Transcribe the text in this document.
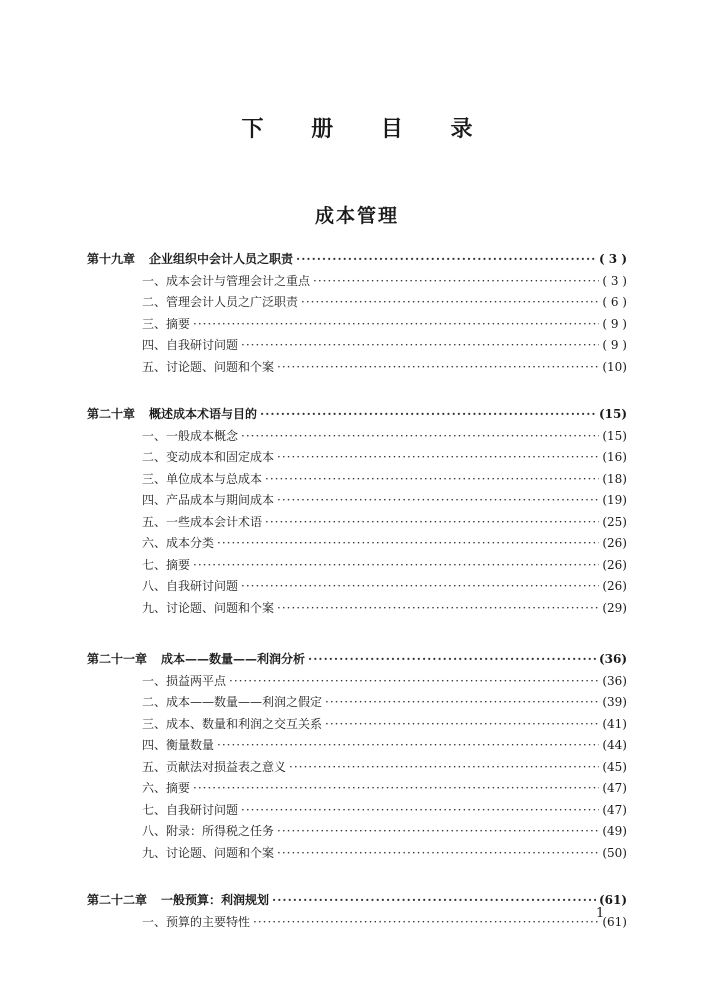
下 册 目 录
成本管理
第十九章 企业组织中会计人员之职责 ·····	( 3 )
一、成本会计与管理会计之重点 ·····	( 3 )
二、管理会计人员之广泛职责 ·····	( 6 )
三、摘要 ·····	( 9 )
四、自我研讨问题 ·····	( 9 )
五、讨论题、问题和个案 ·····	(10)
第二十章 概述成本术语与目的 ·····	(15)
一、一般成本概念 ·····	(15)
二、变动成本和固定成本 ·····	(16)
三、单位成本与总成本 ·····	(18)
四、产品成本与期间成本 ·····	(19)
五、一些成本会计术语 ·····	(25)
六、成本分类 ·····	(26)
七、摘要 ·····	(26)
八、自我研讨问题 ·····	(26)
九、讨论题、问题和个案 ·····	(29)
第二十一章 成本——数量——利润分析 ·····	(36)
一、损益两平点 ·····	(36)
二、成本——数量——利润之假定 ·····	(39)
三、成本、数量和利润之交互关系 ·····	(41)
四、衡量数量 ·····	(44)
五、贡献法对损益表之意义 ·····	(45)
六、摘要 ·····	(47)
七、自我研讨问题 ·····	(47)
八、附录：所得税之任务 ·····	(49)
九、讨论题、问题和个案 ·····	(50)
第二十二章 一般预算：利润规划 ·····	(61)
一、预算的主要特性 ·····	(61)
1
